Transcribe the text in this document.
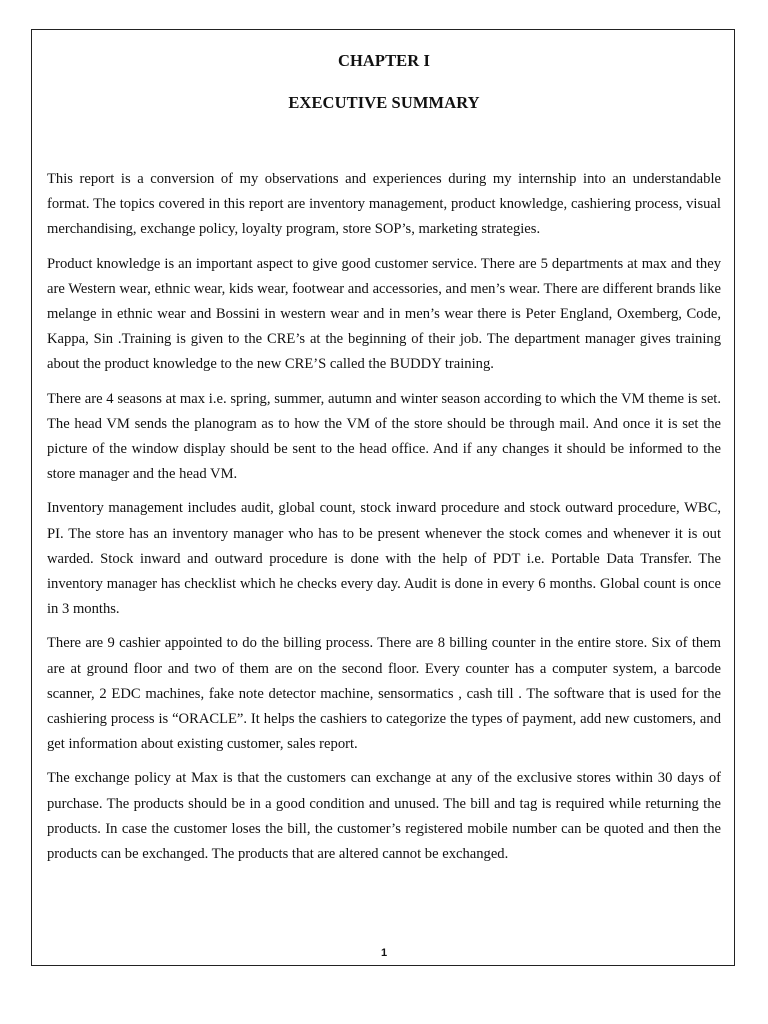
CHAPTER I
EXECUTIVE SUMMARY

This report is a conversion of my observations and experiences during my internship into an understandable format. The topics covered in this report are inventory management, product knowledge, cashiering process, visual merchandising, exchange policy, loyalty program, store SOP’s, marketing strategies.

Product knowledge is an important aspect to give good customer service. There are 5 departments at max and they are Western wear, ethnic wear, kids wear, footwear and accessories, and men’s wear. There are different brands like melange in ethnic wear and Bossini in western wear and in men’s wear there is Peter England, Oxemberg, Code, Kappa, Sin .Training is given to the CRE’s at the beginning of their job. The department manager gives training about the product knowledge to the new CRE’S called the BUDDY training.

There are 4 seasons at max i.e. spring, summer, autumn and winter season according to which the VM theme is set. The head VM sends the planogram as to how the VM of the store should be through mail. And once it is set the picture of the window display should be sent to the head office. And if any changes it should be informed to the store manager and the head VM.

Inventory management includes audit, global count, stock inward procedure and stock outward procedure, WBC, PI. The store has an inventory manager who has to be present whenever the stock comes and whenever it is out warded. Stock inward and outward procedure is done with the help of PDT i.e. Portable Data Transfer. The inventory manager has checklist which he checks every day. Audit is done in every 6 months. Global count is once in 3 months.

There are 9 cashier appointed to do the billing process. There are 8 billing counter in the entire store. Six of them are at ground floor and two of them are on the second floor. Every counter has a computer system, a barcode scanner, 2 EDC machines, fake note detector machine, sensormatics , cash till . The software that is used for the cashiering process is “ORACLE”. It helps the cashiers to categorize the types of payment, add new customers, and get information about existing customer, sales report.

The exchange policy at Max is that the customers can exchange at any of the exclusive stores within 30 days of purchase. The products should be in a good condition and unused. The bill and tag is required while returning the products. In case the customer loses the bill, the customer’s registered mobile number can be quoted and then the products can be exchanged. The products that are altered cannot be exchanged.

1
